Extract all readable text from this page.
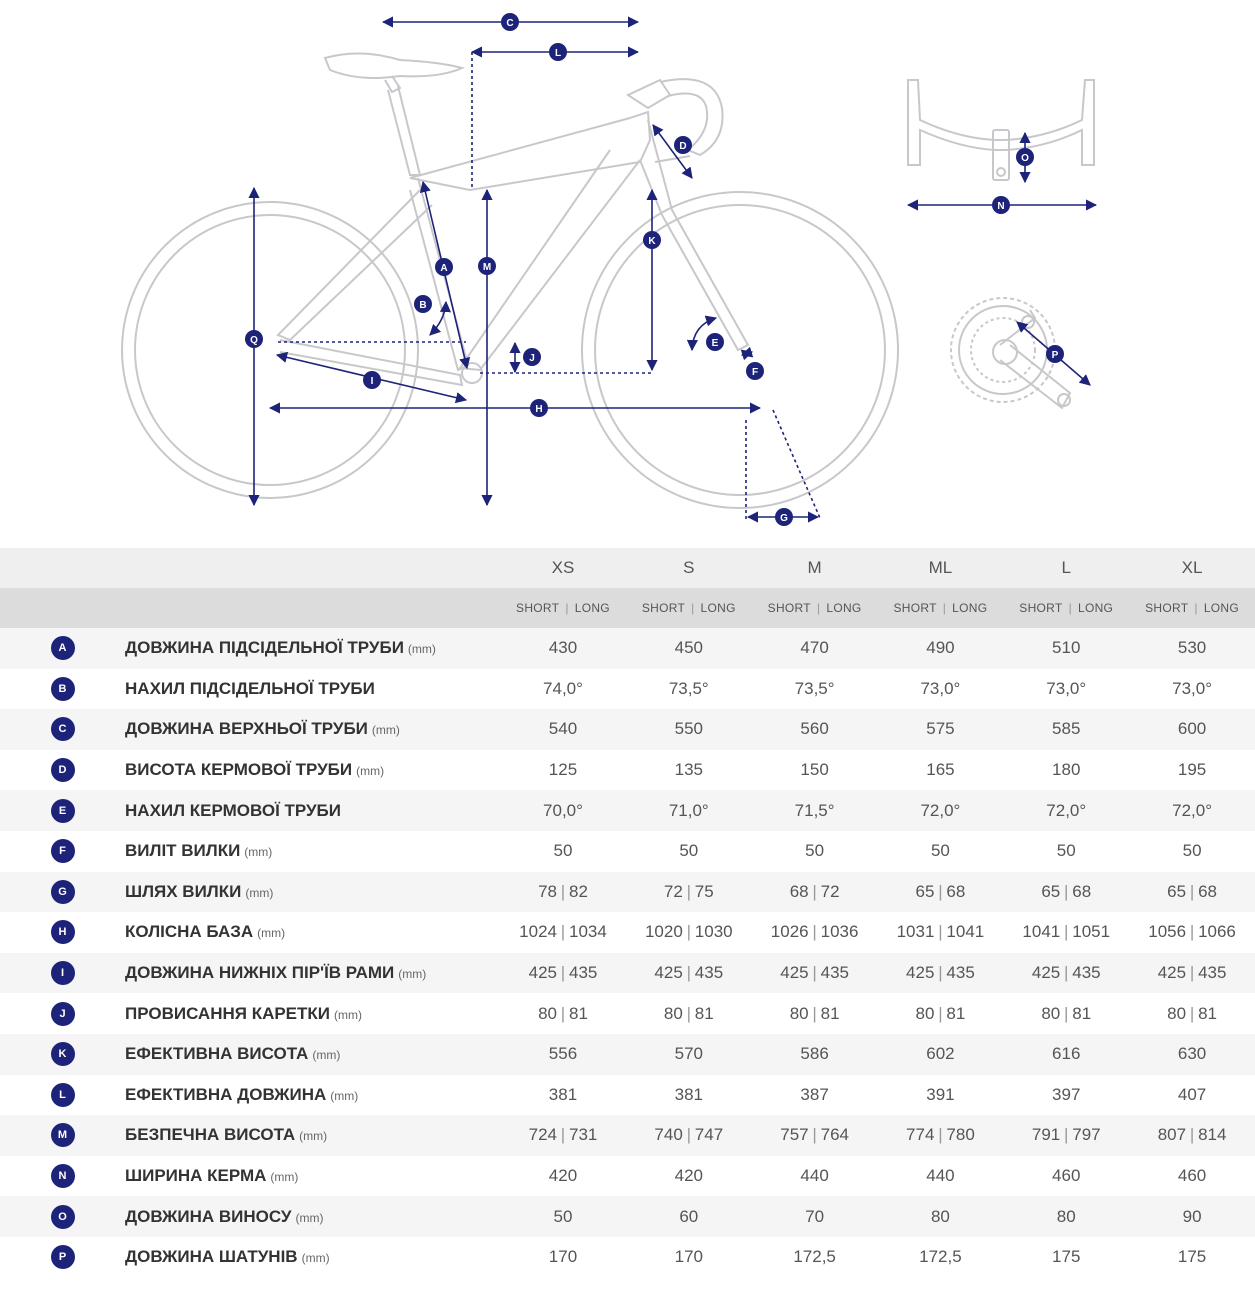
C
L
D
K
M
A
B
Q
J
E
F
I
H
G
O
N
P
		XS	S	M	ML	L	XL
		SHORT | LONG	SHORT | LONG	SHORT | LONG	SHORT | LONG	SHORT | LONG	SHORT | LONG
A	ДОВЖИНА ПІДСІДЕЛЬНОЇ ТРУБИ (mm)	430	450	470	490	510	530
B	НАХИЛ ПІДСІДЕЛЬНОЇ ТРУБИ	74,0°	73,5°	73,5°	73,0°	73,0°	73,0°
C	ДОВЖИНА ВЕРХНЬОЇ ТРУБИ (mm)	540	550	560	575	585	600
D	ВИСОТА КЕРМОВОЇ ТРУБИ (mm)	125	135	150	165	180	195
E	НАХИЛ КЕРМОВОЇ ТРУБИ	70,0°	71,0°	71,5°	72,0°	72,0°	72,0°
F	ВИЛІТ ВИЛКИ (mm)	50	50	50	50	50	50
G	ШЛЯХ ВИЛКИ (mm)	78 | 82	72 | 75	68 | 72	65 | 68	65 | 68	65 | 68
H	КОЛІСНА БАЗА (mm)	1024 | 1034	1020 | 1030	1026 | 1036	1031 | 1041	1041 | 1051	1056 | 1066
I	ДОВЖИНА НИЖНІХ ПІР'ЇВ РАМИ (mm)	425 | 435	425 | 435	425 | 435	425 | 435	425 | 435	425 | 435
J	ПРОВИСАННЯ КАРЕТКИ (mm)	80 | 81	80 | 81	80 | 81	80 | 81	80 | 81	80 | 81
K	ЕФЕКТИВНА ВИСОТА (mm)	556	570	586	602	616	630
L	ЕФЕКТИВНА ДОВЖИНА (mm)	381	381	387	391	397	407
M	БЕЗПЕЧНА ВИСОТА (mm)	724 | 731	740 | 747	757 | 764	774 | 780	791 | 797	807 | 814
N	ШИРИНА КЕРМА (mm)	420	420	440	440	460	460
O	ДОВЖИНА ВИНОСУ (mm)	50	60	70	80	80	90
P	ДОВЖИНА ШАТУНІВ (mm)	170	170	172,5	172,5	175	175
